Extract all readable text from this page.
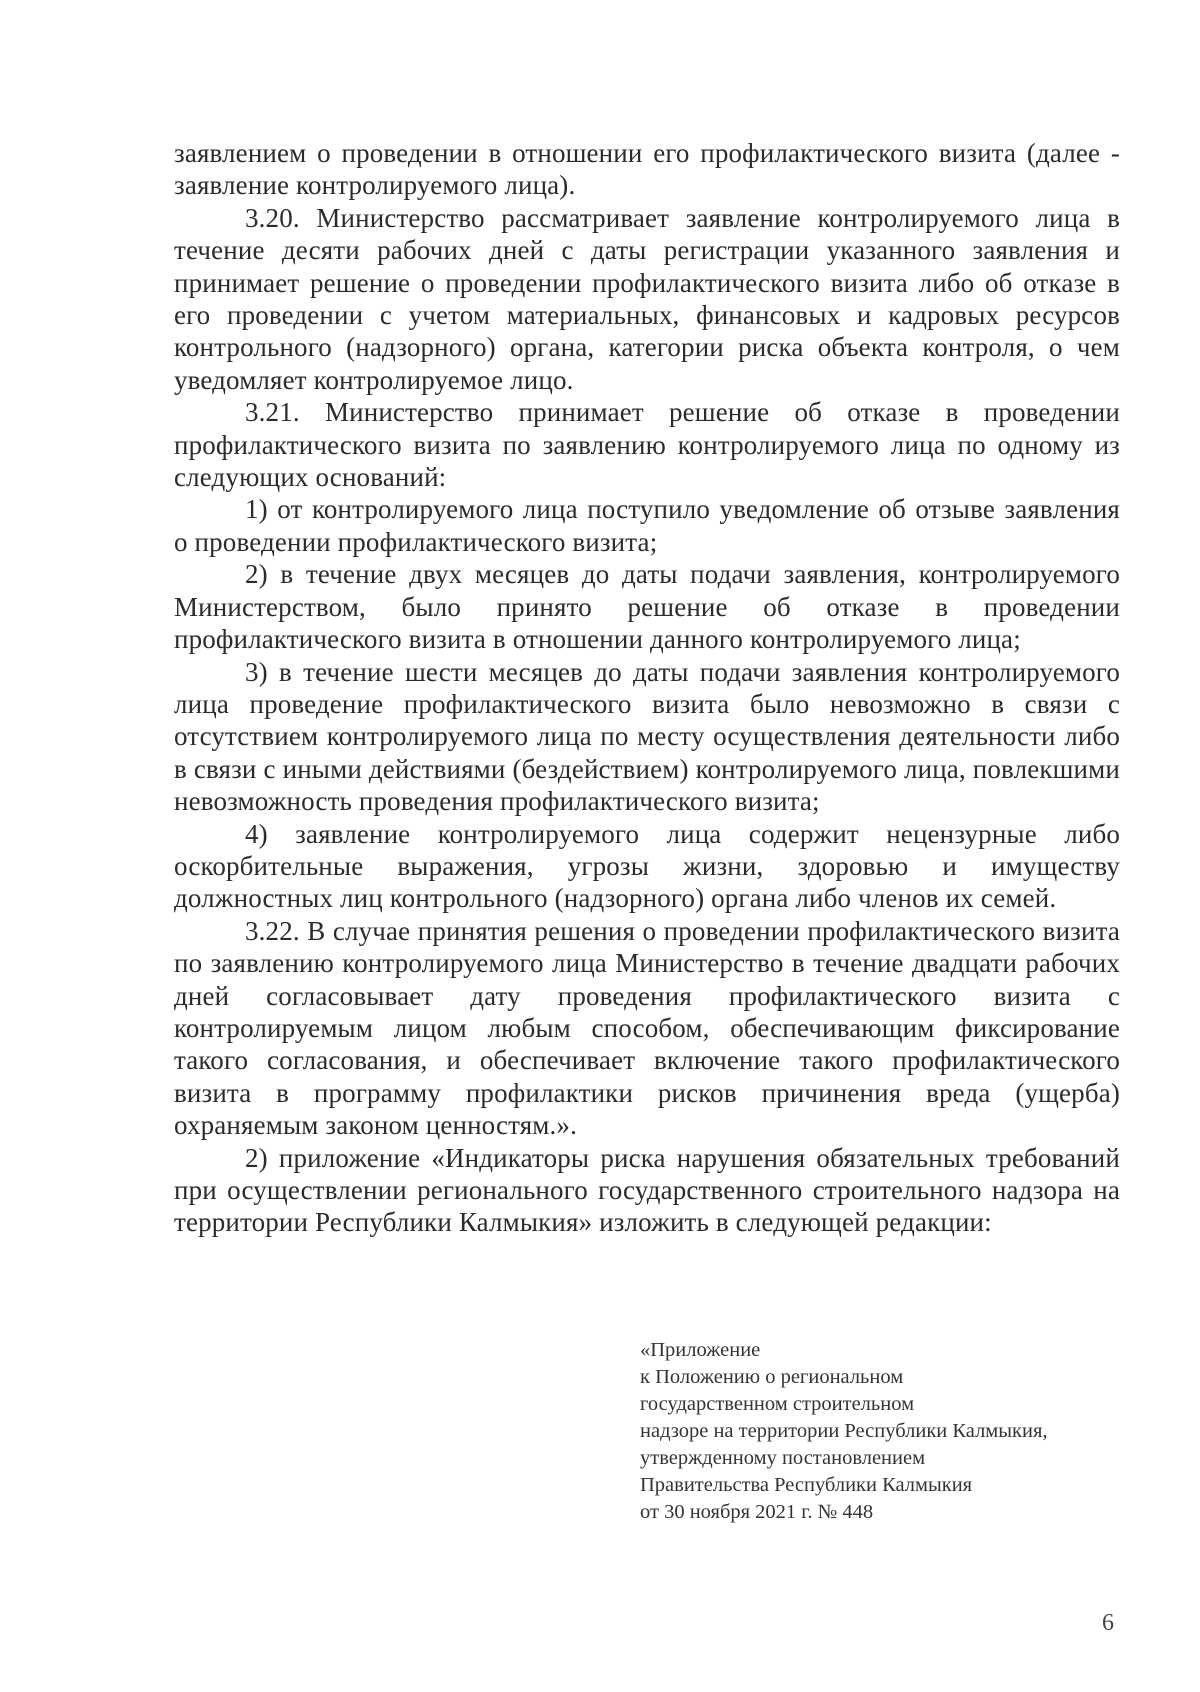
заявлением о проведении в отношении его профилактического визита (далее - заявление контролируемого лица).

3.20. Министерство рассматривает заявление контролируемого лица в течение десяти рабочих дней с даты регистрации указанного заявления и принимает решение о проведении профилактического визита либо об отказе в его проведении с учетом материальных, финансовых и кадровых ресурсов контрольного (надзорного) органа, категории риска объекта контроля, о чем уведомляет контролируемое лицо.

3.21. Министерство принимает решение об отказе в проведении профилактического визита по заявлению контролируемого лица по одному из следующих оснований:

1) от контролируемого лица поступило уведомление об отзыве заявления о проведении профилактического визита;

2) в течение двух месяцев до даты подачи заявления, контролируемого Министерством, было принято решение об отказе в проведении профилактического визита в отношении данного контролируемого лица;

3) в течение шести месяцев до даты подачи заявления контролируемого лица проведение профилактического визита было невозможно в связи с отсутствием контролируемого лица по месту осуществления деятельности либо в связи с иными действиями (бездействием) контролируемого лица, повлекшими невозможность проведения профилактического визита;

4) заявление контролируемого лица содержит нецензурные либо оскорбительные выражения, угрозы жизни, здоровью и имуществу должностных лиц контрольного (надзорного) органа либо членов их семей.

3.22. В случае принятия решения о проведении профилактического визита по заявлению контролируемого лица Министерство в течение двадцати рабочих дней согласовывает дату проведения профилактического визита с контролируемым лицом любым способом, обеспечивающим фиксирование такого согласования, и обеспечивает включение такого профилактического визита в программу профилактики рисков причинения вреда (ущерба) охраняемым законом ценностям.».

2) приложение «Индикаторы риска нарушения обязательных требований при осуществлении регионального государственного строительного надзора на территории Республики Калмыкия» изложить в следующей редакции:

«Приложение
к Положению о региональном
государственном строительном
надзоре на территории Республики Калмыкия,
утвержденному постановлением
Правительства Республики Калмыкия
от 30 ноября 2021 г. № 448
6
